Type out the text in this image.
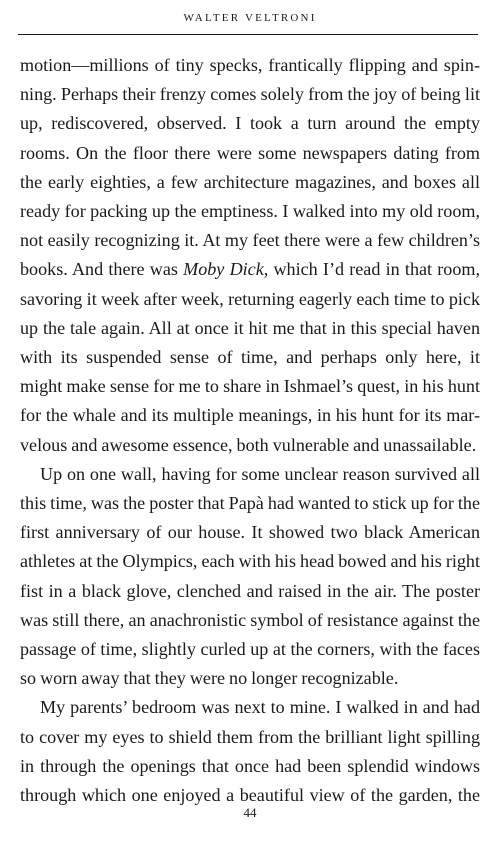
WALTER VELTRONI
motion—millions of tiny specks, frantically flipping and spin-
ning. Perhaps their frenzy comes solely from the joy of being lit
up, rediscovered, observed. I took a turn around the empty
rooms. On the floor there were some newspapers dating from
the early eighties, a few architecture magazines, and boxes all
ready for packing up the emptiness. I walked into my old room,
not easily recognizing it. At my feet there were a few children’s
books. And there was Moby Dick, which I’d read in that room,
savoring it week after week, returning eagerly each time to pick
up the tale again. All at once it hit me that in this special haven
with its suspended sense of time, and perhaps only here, it
might make sense for me to share in Ishmael’s quest, in his hunt
for the whale and its multiple meanings, in his hunt for its mar-
velous and awesome essence, both vulnerable and unassailable.
Up on one wall, having for some unclear reason survived all
this time, was the poster that Papà had wanted to stick up for the
first anniversary of our house. It showed two black American
athletes at the Olympics, each with his head bowed and his right
fist in a black glove, clenched and raised in the air. The poster
was still there, an anachronistic symbol of resistance against the
passage of time, slightly curled up at the corners, with the faces
so worn away that they were no longer recognizable.
My parents’ bedroom was next to mine. I walked in and had
to cover my eyes to shield them from the brilliant light spilling
in through the openings that once had been splendid windows
through which one enjoyed a beautiful view of the garden, the
44
